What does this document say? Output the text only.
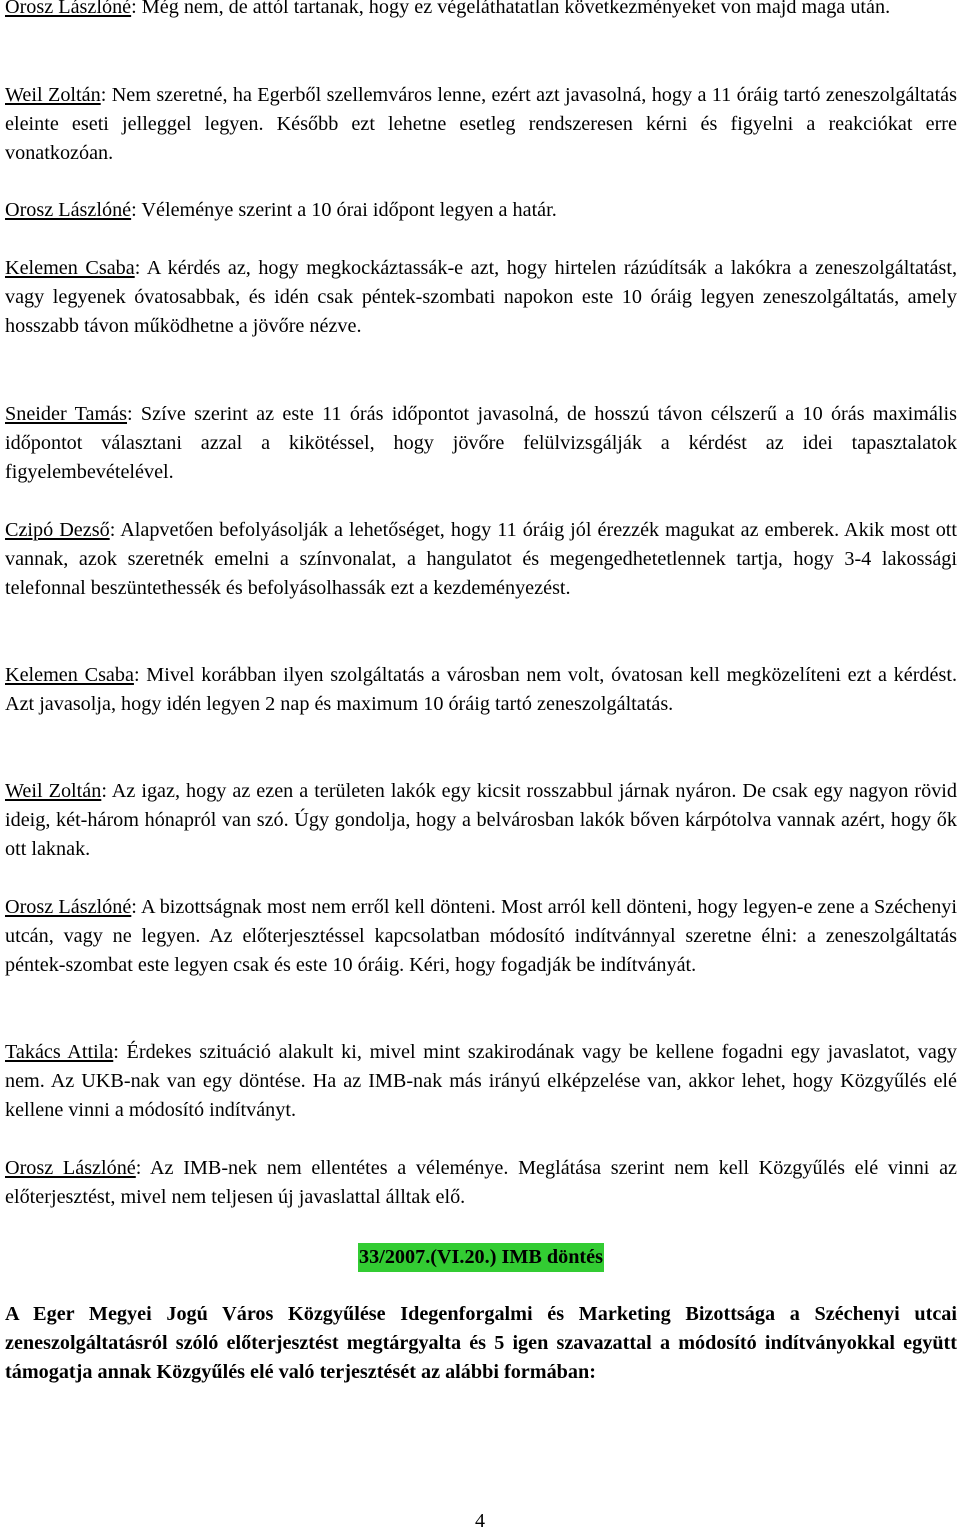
Orosz Lászlóné: Még nem, de attól tartanak, hogy ez végeláthatatlan következményeket von majd maga után.

Weil Zoltán: Nem szeretné, ha Egerből szellemváros lenne, ezért azt javasolná, hogy a 11 óráig tartó zeneszolgáltatás eleinte eseti jelleggel legyen. Később ezt lehetne esetleg rendszeresen kérni és figyelni a reakciókat erre vonatkozóan.

Orosz Lászlóné: Véleménye szerint a 10 órai időpont legyen a határ.

Kelemen Csaba: A kérdés az, hogy megkockáztassák-e azt, hogy hirtelen rázúdítsák a lakókra a zeneszolgáltatást, vagy legyenek óvatosabbak, és idén csak péntek-szombati napokon este 10 óráig legyen zeneszolgáltatás, amely hosszabb távon működhetne a jövőre nézve.

Sneider Tamás: Szíve szerint az este 11 órás időpontot javasolná, de hosszú távon célszerű a 10 órás maximális időpontot választani azzal a kikötéssel, hogy jövőre felülvizsgálják a kérdést az idei tapasztalatok figyelembevételével.

Czipó Dezső: Alapvetően befolyásolják a lehetőséget, hogy 11 óráig jól érezzék magukat az emberek. Akik most ott vannak, azok szeretnék emelni a színvonalat, a hangulatot és megengedhetetlennek tartja, hogy 3-4 lakossági telefonnal beszüntethessék és befolyásolhassák ezt a kezdeményezést.

Kelemen Csaba: Mivel korábban ilyen szolgáltatás a városban nem volt, óvatosan kell megközelíteni ezt a kérdést. Azt javasolja, hogy idén legyen 2 nap és maximum 10 óráig tartó zeneszolgáltatás.

Weil Zoltán: Az igaz, hogy az ezen a területen lakók egy kicsit rosszabbul járnak nyáron. De csak egy nagyon rövid ideig, két-három hónapról van szó. Úgy gondolja, hogy a belvárosban lakók bőven kárpótolva vannak azért, hogy ők ott laknak.

Orosz Lászlóné: A bizottságnak most nem erről kell dönteni. Most arról kell dönteni, hogy legyen-e zene a Széchenyi utcán, vagy ne legyen. Az előterjesztéssel kapcsolatban módosító indítvánnyal szeretne élni: a zeneszolgáltatás péntek-szombat este legyen csak és este 10 óráig. Kéri, hogy fogadják be indítványát.

Takács Attila: Érdekes szituáció alakult ki, mivel mint szakirodának vagy be kellene fogadni egy javaslatot, vagy nem. Az UKB-nak van egy döntése. Ha az IMB-nak más irányú elképzelése van, akkor lehet, hogy Közgyűlés elé kellene vinni a módosító indítványt.

Orosz Lászlóné: Az IMB-nek nem ellentétes a véleménye. Meglátása szerint nem kell Közgyűlés elé vinni az előterjesztést, mivel nem teljesen új javaslattal álltak elő.

33/2007.(VI.20.) IMB döntés

A Eger Megyei Jogú Város Közgyűlése Idegenforgalmi és Marketing Bizottsága a Széchenyi utcai zeneszolgáltatásról szóló előterjesztést megtárgyalta és 5 igen szavazattal a módosító indítványokkal együtt támogatja annak Közgyűlés elé való terjesztését az alábbi formában:

4
